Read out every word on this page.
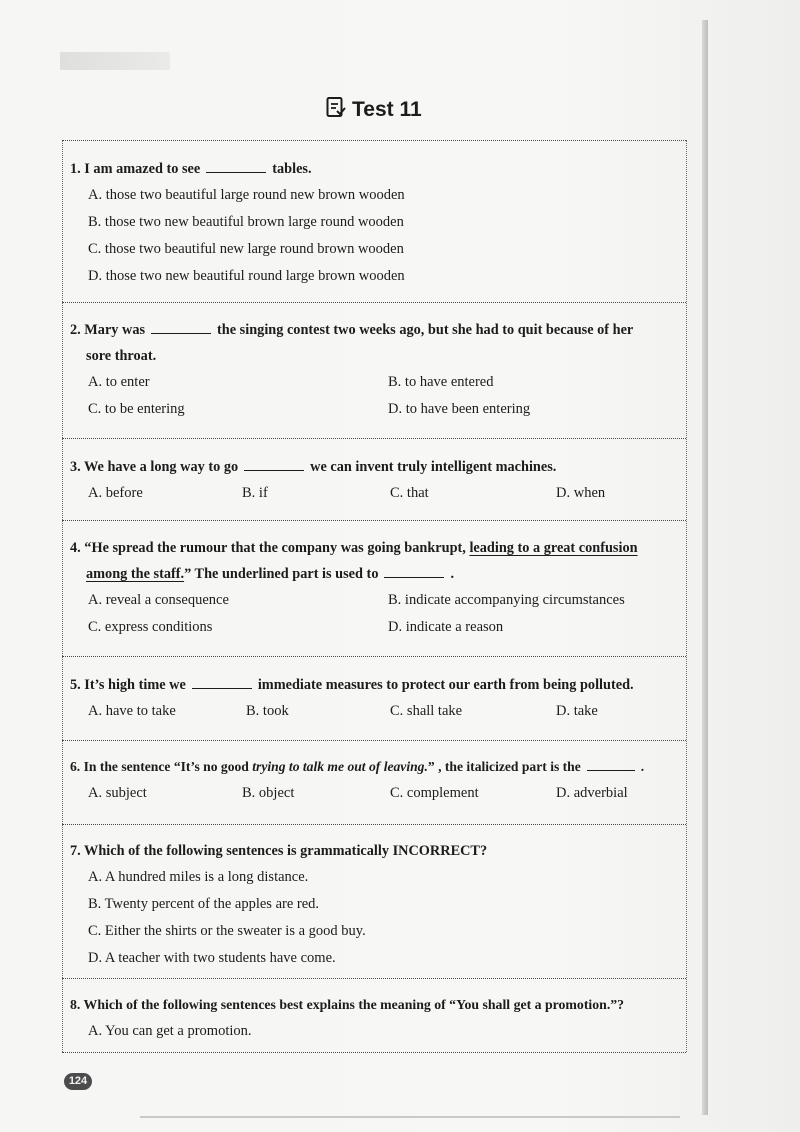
Test 11
1. I am amazed to see	tables.
A. those two beautiful large round new brown wooden
B. those two new beautiful brown large round wooden
C. those two beautiful new large round brown wooden
D. those two new beautiful round large brown wooden
2. Mary was	the singing contest two weeks ago, but she had to quit because of her
sore throat.
A. to enter	B. to have entered
C. to be entering	D. to have been entering
3. We have a long way to go	we can invent truly intelligent machines.
A. before	B. if	C. that	D. when
4. “He spread the rumour that the company was going bankrupt, leading to a great confusion
among the staff.” The underlined part is used to	.
A. reveal a consequence	B. indicate accompanying circumstances
C. express conditions	D. indicate a reason
5. It’s high time we	immediate measures to protect our earth from being polluted.
A. have to take	B. took	C. shall take	D. take
6. In the sentence “It’s no good trying to talk me out of leaving.” , the italicized part is the	.
A. subject	B. object	C. complement	D. adverbial
7. Which of the following sentences is grammatically INCORRECT?
A. A hundred miles is a long distance.
B. Twenty percent of the apples are red.
C. Either the shirts or the sweater is a good buy.
D. A teacher with two students have come.
8. Which of the following sentences best explains the meaning of “You shall get a promotion.”?
A. You can get a promotion.
124
